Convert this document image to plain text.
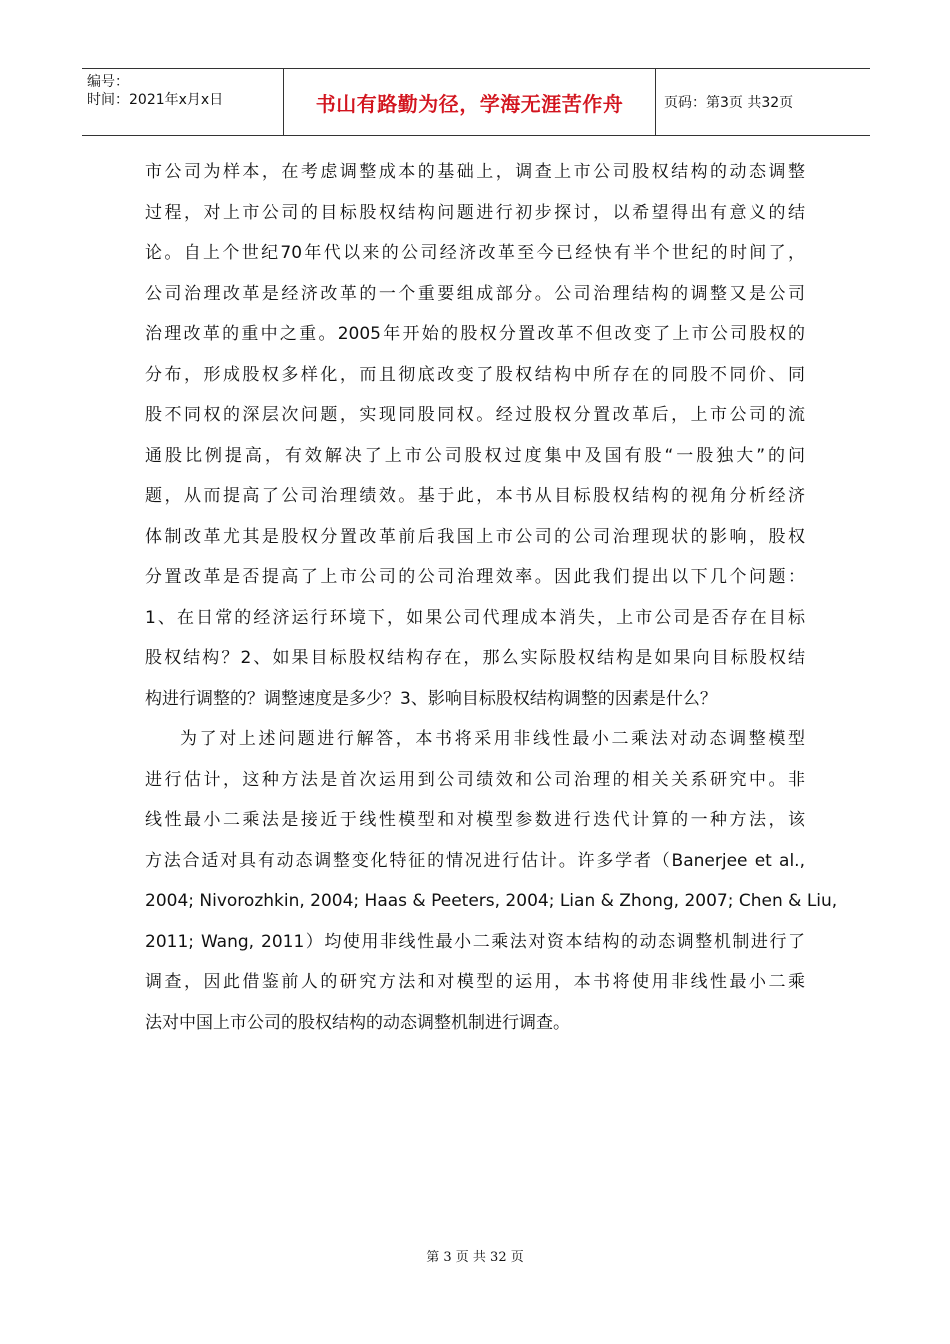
编号：
时间：2021年x月x日	书山有路勤为径，学海无涯苦作舟	页码：第3页 共32页
市公司为样本，在考虑调整成本的基础上，调查上市公司股权结构的动态调整
过程，对上市公司的目标股权结构问题进行初步探讨，以希望得出有意义的结
论。自上个世纪70年代以来的公司经济改革至今已经快有半个世纪的时间了，
公司治理改革是经济改革的一个重要组成部分。公司治理结构的调整又是公司
治理改革的重中之重。2005年开始的股权分置改革不但改变了上市公司股权的
分布，形成股权多样化，而且彻底改变了股权结构中所存在的同股不同价、同
股不同权的深层次问题，实现同股同权。经过股权分置改革后，上市公司的流
通股比例提高，有效解决了上市公司股权过度集中及国有股“一股独大”的问
题，从而提高了公司治理绩效。基于此，本书从目标股权结构的视角分析经济
体制改革尤其是股权分置改革前后我国上市公司的公司治理现状的影响，股权
分置改革是否提高了上市公司的公司治理效率。因此我们提出以下几个问题：
1、在日常的经济运行环境下，如果公司代理成本消失，上市公司是否存在目标
股权结构？2、如果目标股权结构存在，那么实际股权结构是如果向目标股权结
构进行调整的？调整速度是多少？3、影响目标股权结构调整的因素是什么？
为了对上述问题进行解答，本书将采用非线性最小二乘法对动态调整模型
进行估计，这种方法是首次运用到公司绩效和公司治理的相关关系研究中。非
线性最小二乘法是接近于线性模型和对模型参数进行迭代计算的一种方法，该
方法合适对具有动态调整变化特征的情况进行估计。许多学者（Banerjee et al.,
2004; Nivorozhkin, 2004; Haas & Peeters, 2004; Lian & Zhong, 2007; Chen & Liu,
2011; Wang, 2011）均使用非线性最小二乘法对资本结构的动态调整机制进行了
调查，因此借鉴前人的研究方法和对模型的运用，本书将使用非线性最小二乘
法对中国上市公司的股权结构的动态调整机制进行调查。
第 3 页 共 32 页
